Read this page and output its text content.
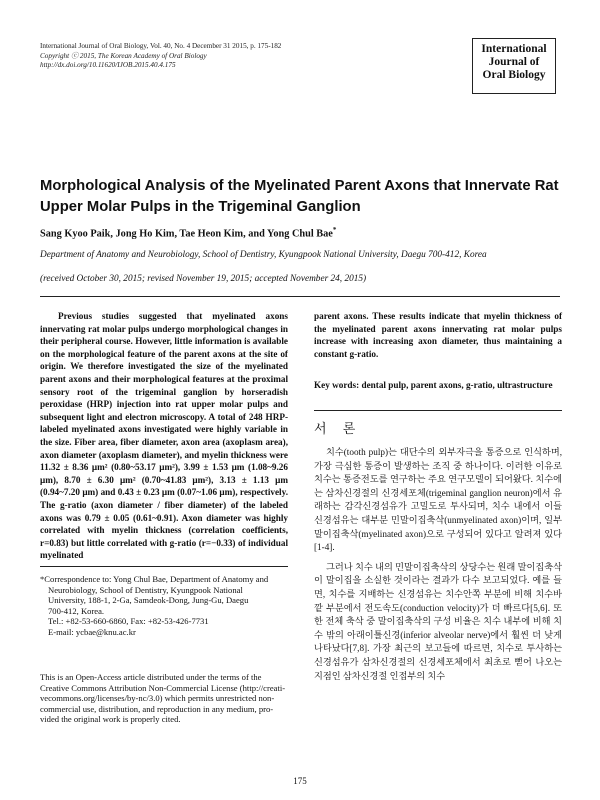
International Journal of Oral Biology, Vol. 40, No. 4 December 31 2015, p. 175-182
Copyright ⓒ 2015, The Korean Academy of Oral Biology
http://dx.doi.org/10.11620/IJOB.2015.40.4.175
International
Journal of
Oral Biology
Morphological Analysis of the Myelinated Parent Axons that Innervate Rat Upper Molar Pulps in the Trigeminal Ganglion
Sang Kyoo Paik, Jong Ho Kim, Tae Heon Kim, and Yong Chul Bae*
Department of Anatomy and Neurobiology, School of Dentistry, Kyungpook National University, Daegu 700-412, Korea
(received October 30, 2015; revised November 19, 2015; accepted November 24, 2015)

Previous studies suggested that myelinated axons innervating rat molar pulps undergo morphological changes in their peripheral course. However, little information is available on the morphological feature of the parent axons at the site of origin. We therefore investigated the size of the myelinated parent axons and their morphological features at the proximal sensory root of the trigeminal ganglion by horseradish peroxidase (HRP) injection into rat upper molar pulps and subsequent light and electron microscopy. A total of 248 HRP-labeled myelinated axons investigated were highly variable in the size. Fiber area, fiber diameter, axon area (axoplasm area), axon diameter (axoplasm diameter), and myelin thickness were 11.32 ± 8.36 μm² (0.80~53.17 μm²), 3.99 ± 1.53 μm (1.08~9.26 μm), 8.70 ± 6.30 μm² (0.70~41.83 μm²), 3.13 ± 1.13 μm (0.94~7.20 μm) and 0.43 ± 0.23 μm (0.07~1.06 μm), respectively. The g-ratio (axon diameter / fiber diameter) of the labeled axons was 0.79 ± 0.05 (0.61~0.91). Axon diameter was highly correlated with myelin thickness (correlation coefficients, r=0.83) but little correlated with g-ratio (r=−0.33) of individual myelinated

parent axons. These results indicate that myelin thickness of the myelinated parent axons innervating rat molar pulps increase with increasing axon diameter, thus maintaining a constant g-ratio.

Key words: dental pulp, parent axons, g-ratio, ultrastructure
서 론

치수(tooth pulp)는 대단수의 외부자극을 통증으로 인식하며, 가장 극심한 통증이 발생하는 조직 중 하나이다. 이러한 이유로 치수는 통증전도를 연구하는 주요 연구모델이 되어왔다. 치수에는 삼차신경절의 신경세포체(trigeminal ganglion neuron)에서 유래하는 감각신경섬유가 고밀도로 투사되며, 치수 내에서 이들 신경섬유는 대부분 민말이집축삭(unmyelinated axon)이며, 일부 말이집축삭(myelinated axon)으로 구성되어 있다고 알려져 있다 [1-4].

그러나 치수 내의 민말이집축삭의 상당수는 원래 말이집축삭이 말이집을 소실한 것이라는 결과가 다수 보고되었다. 예를 들면, 치수를 지배하는 신경섬유는 치수안쪽 부분에 비해 치수바깥 부분에서 전도속도(conduction velocity)가 더 빠르다[5,6]. 또한 전체 축삭 중 말이집축삭의 구성 비율은 치수 내부에 비해 치수 밖의 아래이틀신경(inferior alveolar nerve)에서 훨씬 더 낮게 나타났다[7,8]. 가장 최근의 보고들에 따르면, 치수로 투사하는 신경섬유가 삼차신경절의 신경세포체에서 최초로 뻗어 나오는 지점인 삼차신경절 인접부의 치수

*Correspondence to: Yong Chul Bae, Department of Anatomy and
Neurobiology, School of Dentistry, Kyungpook National
University, 188-1, 2-Ga, Samdeok-Dong, Jung-Gu, Daegu
700-412, Korea.
Tel.: +82-53-660-6860, Fax: +82-53-426-7731
E-mail: ycbae@knu.ac.kr
This is an Open-Access article distributed under the terms of the
Creative Commons Attribution Non-Commercial License (http://creati-
vecommons.org/licenses/by-nc/3.0) which permits unrestricted non-
commercial use, distribution, and reproduction in any medium, pro-
vided the original work is properly cited.
175
